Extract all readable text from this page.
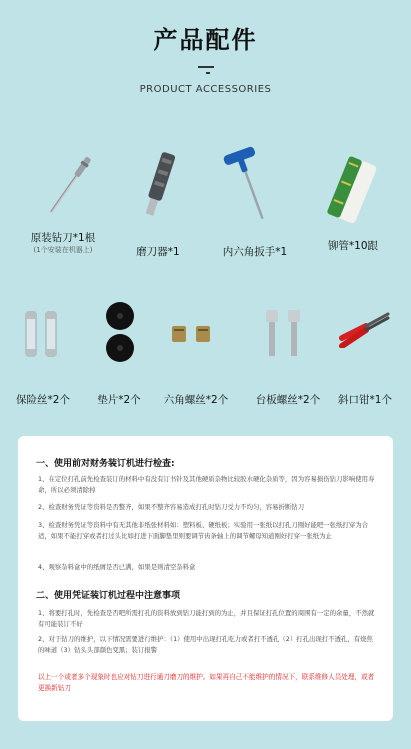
产品配件
PRODUCT ACCESSORIES
原装钻刀*1根
(1个安装在机器上)	磨刀器*1	内六角扳手*1	铆管*10跟
保险丝*2个	垫片*2个	六角螺丝*2个	台板螺丝*2个	斜口钳*1个
一、使用前对财务装订机进行检查:
1、在定位打孔前先检查装订的材料中有没有订书针及其他硬质杂物比较胶水硬化杂质等，因为容易损伤钻刀影响使用寿命，所以必须清除掉
2、检查财务凭证等资料是否整齐，如果不整齐容易造成打孔时钻刀受力不均匀，容易折断钻刀
3、检查财务凭证等资料中有无其他非纸张材料如：塑料板、硬纸板；实验用一张纸以打孔刀刚好能吧一张纸打穿为合适，如果不能打穿或者打过头比如打进下面脚垫里则要调节齿条轴上的调节螺母知道刚好打穿一张纸为止
4、观察杂料盒中的纸屑是否已满，如果是则清空杂料盒
二、使用凭证装订机过程中注意事项
1、将要打孔时，先检查是否吧所需打孔的资料放到钻刀能打到的为止，并且保证打孔位置的周围有一定的余量，不然就有可能装订不好
2、对于钻刀的维护，以下情况需要进行维护：（1）使用中出现打孔吃力或者打不透孔（2）打孔出现打不透孔，有烧焦的味道（3）钻头头部颜色变黑；装订报警
以上一个或者多个现象时也应对钻刀进行通刀磨刀的维护。如果再自己不能维护的情况下，联系维修人员处理，或者更换新钻刀
